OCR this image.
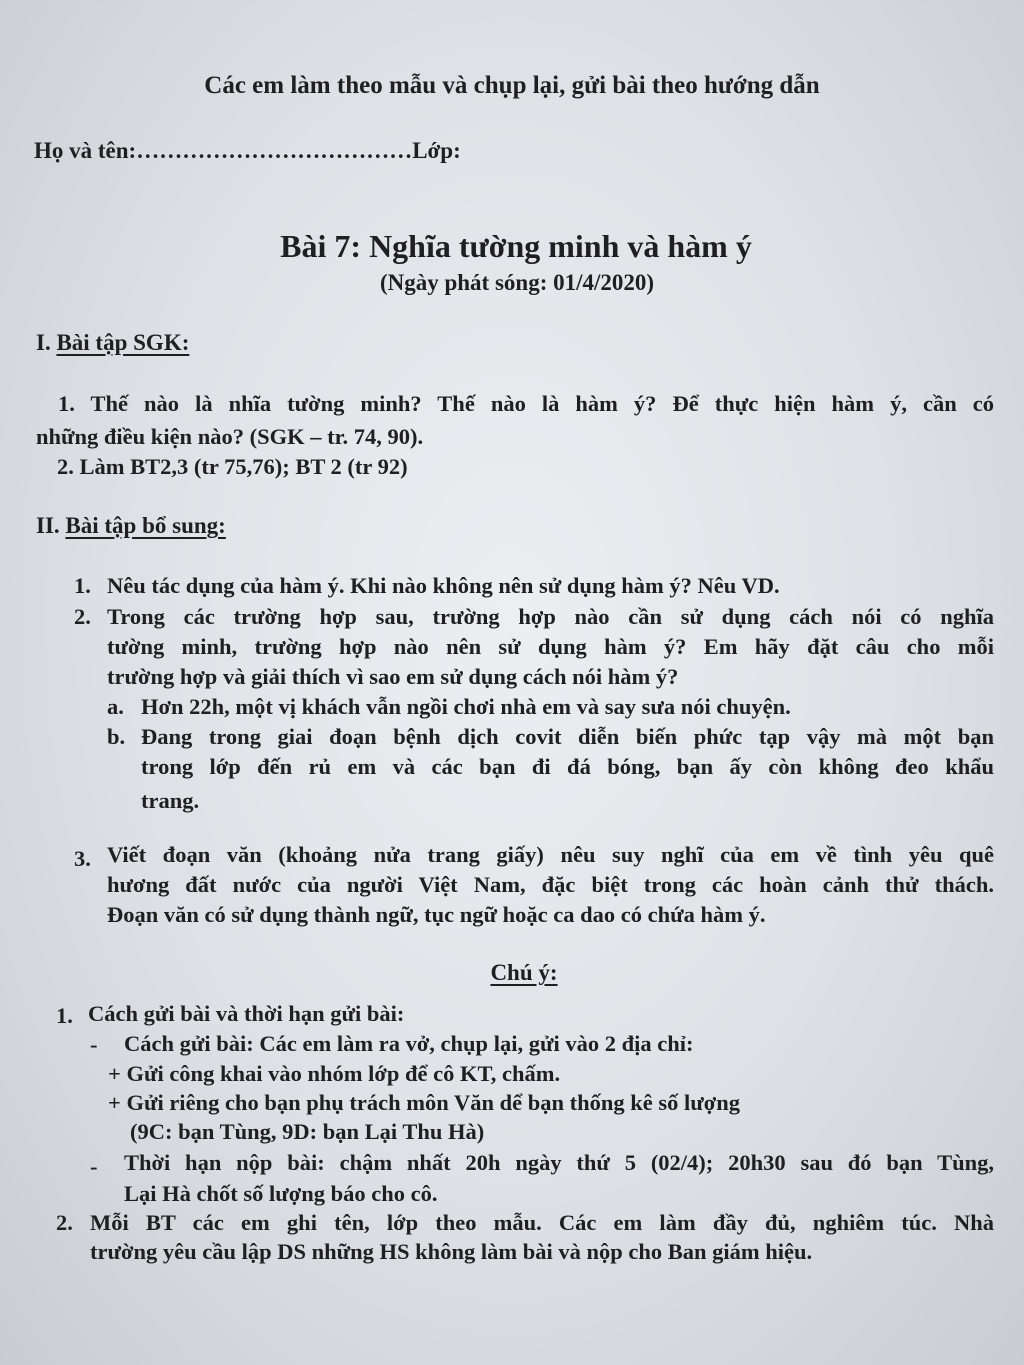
Các em làm theo mẫu và chụp lại, gửi bài theo hướng dẫn
Họ và tên:………………………………Lớp:
Bài 7: Nghĩa tường minh và hàm ý
(Ngày phát sóng: 01/4/2020)
I. Bài tập SGK:
1. Thế nào là nhĩa tường minh? Thế nào là hàm ý? Để thực hiện hàm ý, cần có
những điều kiện nào? (SGK – tr. 74, 90).
2. Làm BT2,3 (tr 75,76); BT 2 (tr 92)
II. Bài tập bổ sung:
1. Nêu tác dụng của hàm ý. Khi nào không nên sử dụng hàm ý? Nêu VD.
2. Trong các trường hợp sau, trường hợp nào cần sử dụng cách nói có nghĩa
tường minh, trường hợp nào nên sử dụng hàm ý? Em hãy đặt câu cho mỗi
trường hợp và giải thích vì sao em sử dụng cách nói hàm ý?
a. Hơn 22h, một vị khách vẫn ngồi chơi nhà em và say sưa nói chuyện.
b. Đang trong giai đoạn bệnh dịch covit diễn biến phức tạp vậy mà một bạn
trong lớp đến rủ em và các bạn đi đá bóng, bạn ấy còn không đeo khẩu
trang.
3. Viết đoạn văn (khoảng nửa trang giấy) nêu suy nghĩ của em về tình yêu quê
hương đất nước của người Việt Nam, đặc biệt trong các hoàn cảnh thử thách.
Đoạn văn có sử dụng thành ngữ, tục ngữ hoặc ca dao có chứa hàm ý.
Chú ý:
1. Cách gửi bài và thời hạn gửi bài:
- Cách gửi bài: Các em làm ra vở, chụp lại, gửi vào 2 địa chỉ:
+ Gửi công khai vào nhóm lớp để cô KT, chấm.
+ Gửi riêng cho bạn phụ trách môn Văn dể bạn thống kê số lượng
(9C: bạn Tùng, 9D: bạn Lại Thu Hà)
- Thời hạn nộp bài: chậm nhất 20h ngày thứ 5 (02/4); 20h30 sau đó bạn Tùng,
Lại Hà chốt số lượng báo cho cô.
2. Mỗi BT các em ghi tên, lớp theo mẫu. Các em làm đầy đủ, nghiêm túc. Nhà
trường yêu cầu lập DS những HS không làm bài và nộp cho Ban giám hiệu.
